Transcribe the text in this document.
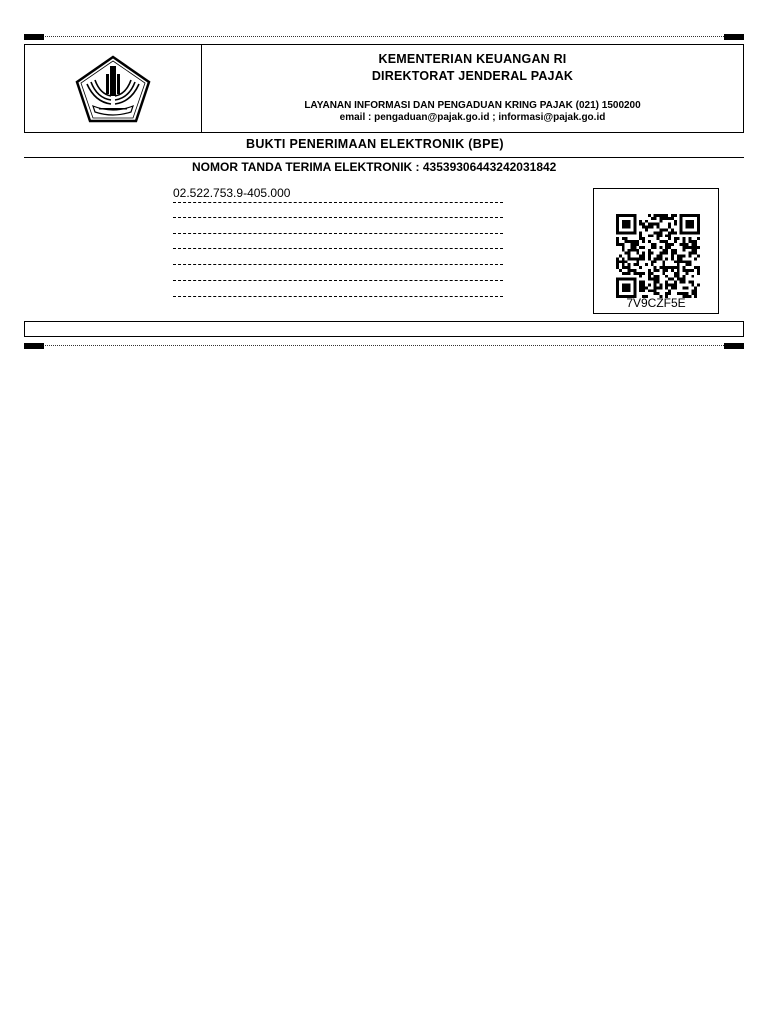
KEMENTERIAN KEUANGAN RI
DIREKTORAT JENDERAL PAJAK
LAYANAN INFORMASI DAN PENGADUAN KRING PAJAK (021) 1500200
email : pengaduan@pajak.go.id ; informasi@pajak.go.id
BUKTI PENERIMAAN ELEKTRONIK (BPE)
NOMOR TANDA TERIMA ELEKTRONIK : 43539306443242031842
02.522.753.9-405.000
7V9CZF5E
